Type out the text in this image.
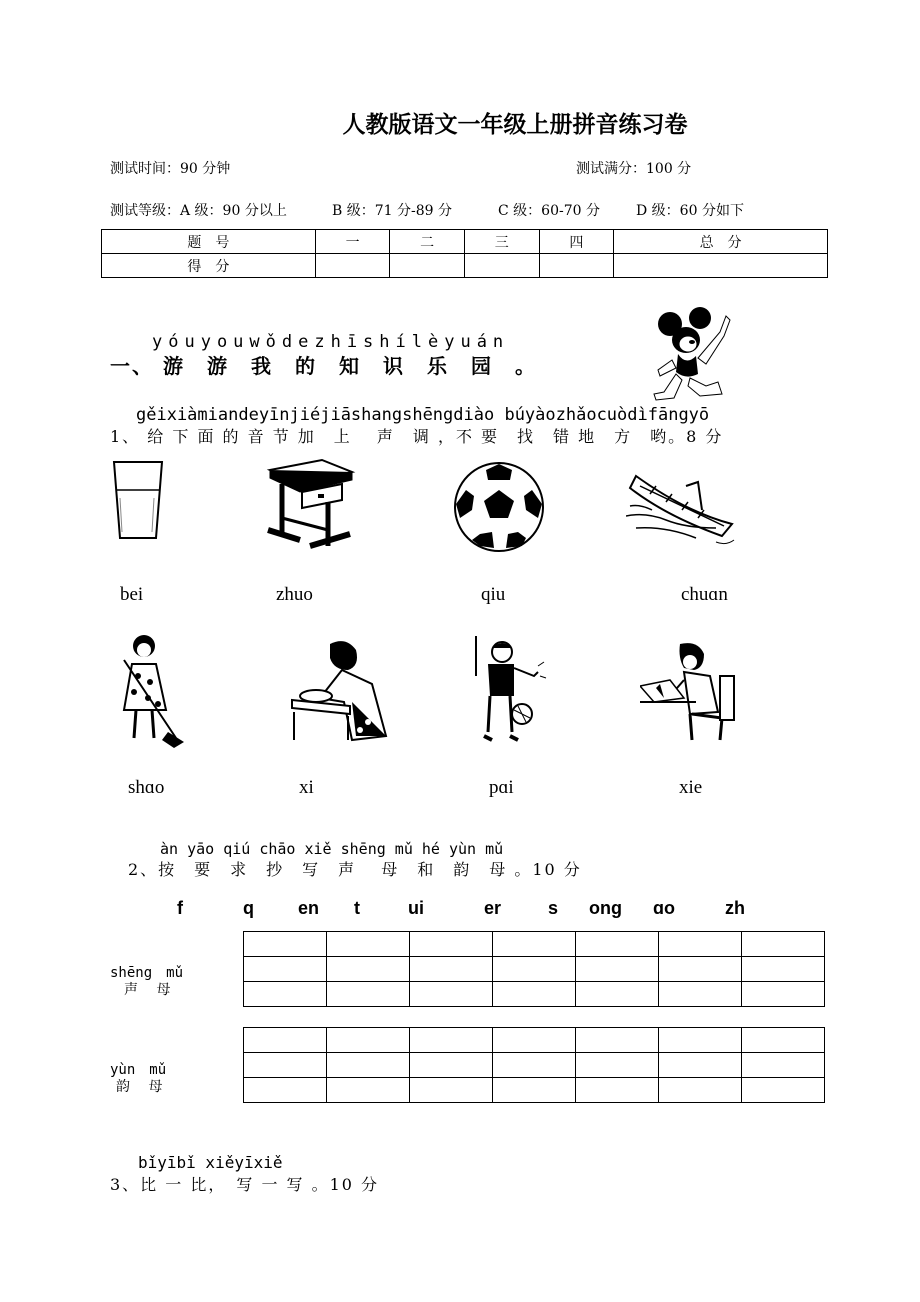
人教版语文一年级上册拼音练习卷
测试时间：90 分钟	测试满分：100 分
测试等级：A 级：90 分以上	B 级：71 分-89 分	C 级：60-70 分	D 级：60 分如下
题　号	一	二	三	四	总　分
得　分					
yóuyouwǒdezhīshílèyuán
一、 游　游　我　的　知　识　乐　园　。
gěixiàmiandeyīnjiéjiāshangshēngdiào búyàozhǎocuòdìfāngyō
1、 给 下 面 的 音 节 加　上　 声　调 ，不 要　找　错 地　方　哟。8 分
bei	zhuo	qiu	chuɑn
shɑo	xi	pɑi	xie
àn yāo qiú chāo xiě shēng mǔ hé yùn mǔ
2、按　要　求　抄　写　声　 母　和　韵　母 。10 分
f	q en t	ui	er	s ong ɑo	zh
shēng　mǔ
声　 母

yùn　mǔ
韵　 母

bǐyībǐ xiěyīxiě
3、比 一 比，　写 一 写 。10 分
